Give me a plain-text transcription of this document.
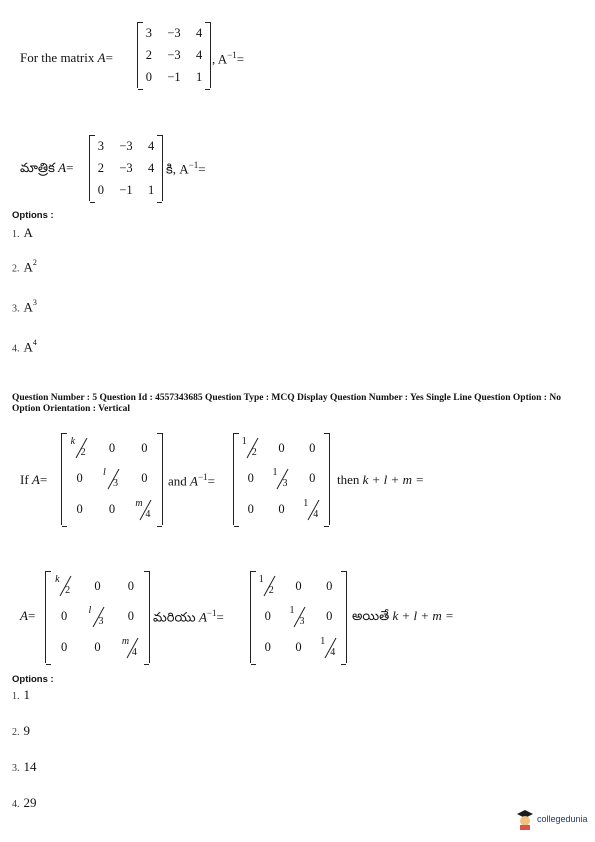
For the matrix A=
3 −3 4
2 −3 4
0 −1 1
, $A^{-1}=$
మాత్రిక A=
3 −3 4
2 −3 4
0 −1 1
కి, $A^{-1}=$
Options :
1. A
2. $A^2$
3. $A^3$
4. $A^4$
Question Number : 5 Question Id : 4557343685 Question Type : MCQ Display Question Number : Yes Single Line Question Option : No Option Orientation : Vertical
If A=
k
2 0 0
0 l
3 0
0 0 m
4
and $A^{-1}=$
1
2 0 0
0 1
3 0
0 0 1
4
then k + l + m =
A=
k
2 0 0
0 l
3 0
0 0 m
4
మరియు $A^{-1}=$
1
2 0 0
0 1
3 0
0 0 1
4
అయితే k + l + m =
Options :
1. 1
2. 9
3. 14
4. 29
collegedunia
